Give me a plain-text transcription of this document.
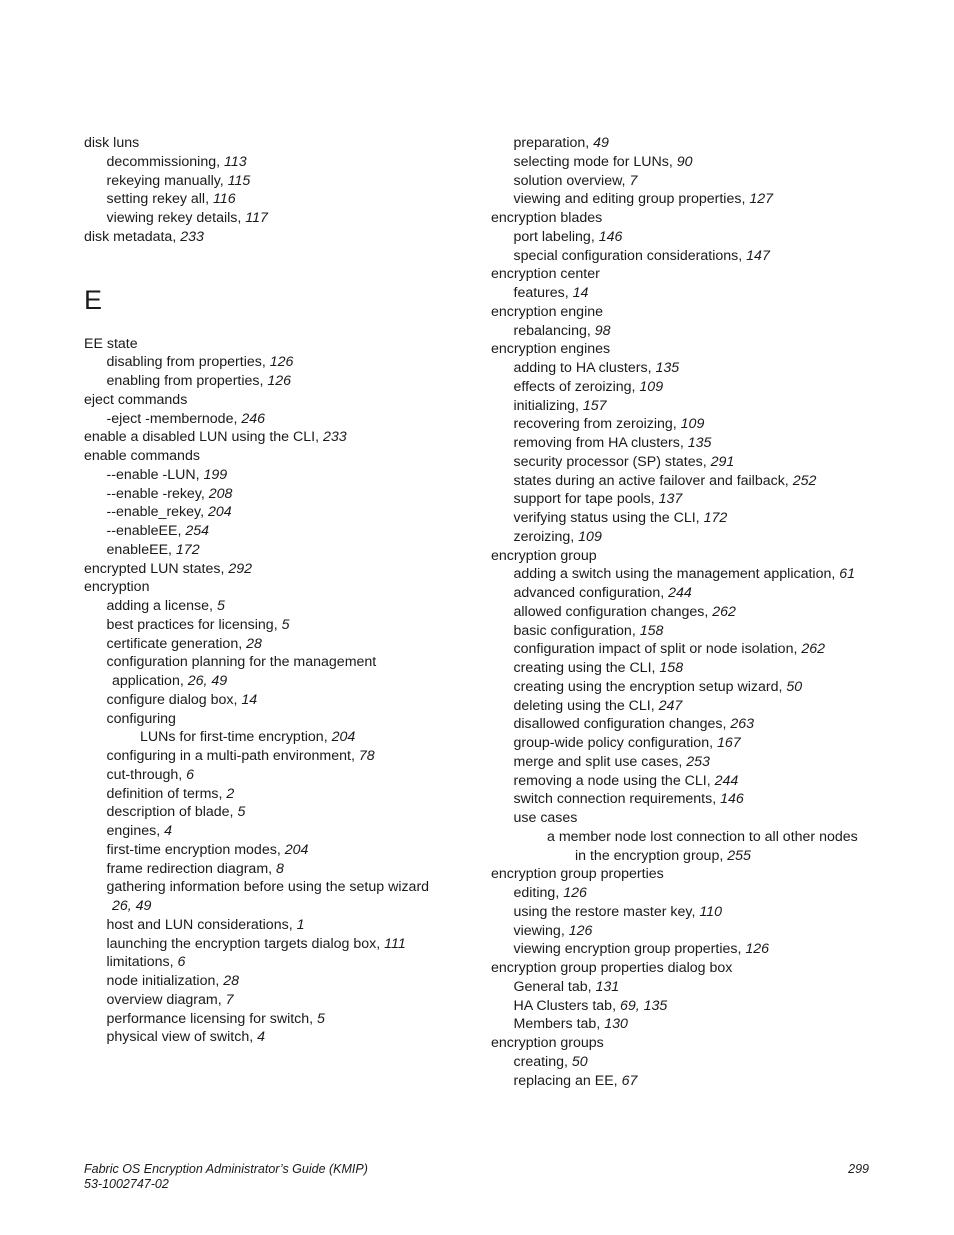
disk luns
decommissioning, 113
rekeying manually, 115
setting rekey all, 116
viewing rekey details, 117
disk metadata, 233
E
EE state
disabling from properties, 126
enabling from properties, 126
eject commands
-eject -membernode, 246
enable a disabled LUN using the CLI, 233
enable commands
--enable -LUN, 199
--enable -rekey, 208
--enable_rekey, 204
--enableEE, 254
enableEE, 172
encrypted LUN states, 292
encryption
adding a license, 5
best practices for licensing, 5
certificate generation, 28
configuration planning for the management
application, 26, 49
configure dialog box, 14
configuring
LUNs for first-time encryption, 204
configuring in a multi-path environment, 78
cut-through, 6
definition of terms, 2
description of blade, 5
engines, 4
first-time encryption modes, 204
frame redirection diagram, 8
gathering information before using the setup wizard
26, 49
host and LUN considerations, 1
launching the encryption targets dialog box, 111
limitations, 6
node initialization, 28
overview diagram, 7
performance licensing for switch, 5
physical view of switch, 4
preparation, 49
selecting mode for LUNs, 90
solution overview, 7
viewing and editing group properties, 127
encryption blades
port labeling, 146
special configuration considerations, 147
encryption center
features, 14
encryption engine
rebalancing, 98
encryption engines
adding to HA clusters, 135
effects of zeroizing, 109
initializing, 157
recovering from zeroizing, 109
removing from HA clusters, 135
security processor (SP) states, 291
states during an active failover and failback, 252
support for tape pools, 137
verifying status using the CLI, 172
zeroizing, 109
encryption group
adding a switch using the management application, 61
advanced configuration, 244
allowed configuration changes, 262
basic configuration, 158
configuration impact of split or node isolation, 262
creating using the CLI, 158
creating using the encryption setup wizard, 50
deleting using the CLI, 247
disallowed configuration changes, 263
group-wide policy configuration, 167
merge and split use cases, 253
removing a node using the CLI, 244
switch connection requirements, 146
use cases
a member node lost connection to all other nodes
in the encryption group, 255
encryption group properties
editing, 126
using the restore master key, 110
viewing, 126
viewing encryption group properties, 126
encryption group properties dialog box
General tab, 131
HA Clusters tab, 69, 135
Members tab, 130
encryption groups
creating, 50
replacing an EE, 67
Fabric OS Encryption Administrator’s Guide (KMIP)
53-1002747-02
299
